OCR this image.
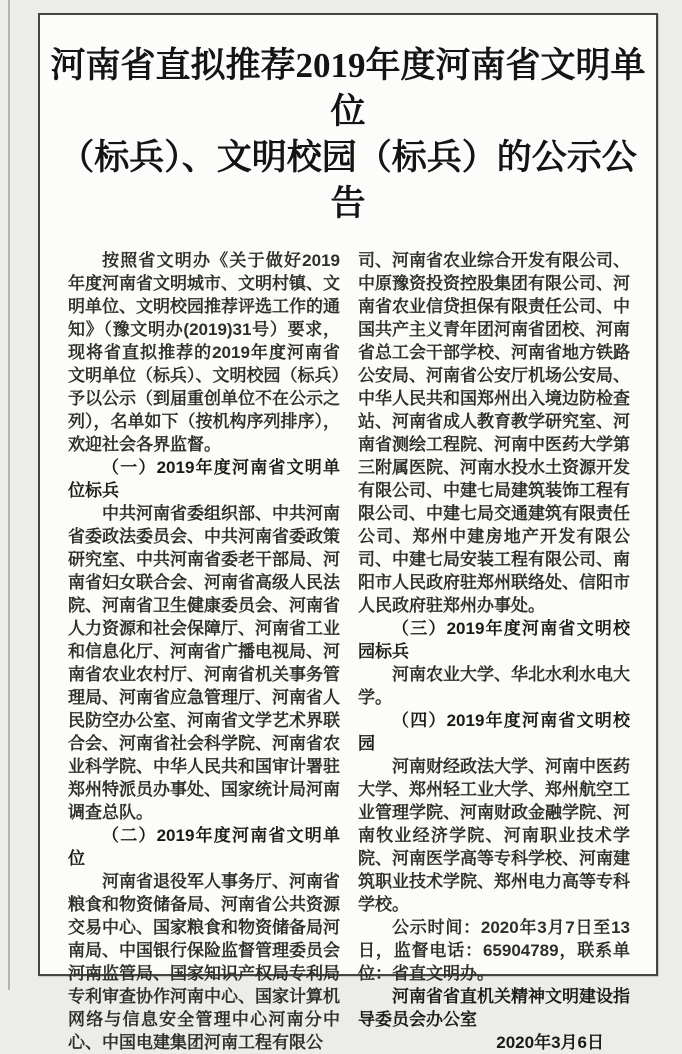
河南省直拟推荐2019年度河南省文明单位
（标兵）、文明校园（标兵）的公示公告

按照省文明办《关于做好2019年度河南省文明城市、文明村镇、文明单位、文明校园推荐评选工作的通知》（豫文明办(2019)31号）要求，现将省直拟推荐的2019年度河南省文明单位（标兵）、文明校园（标兵）予以公示（到届重创单位不在公示之列），名单如下（按机构序列排序），欢迎社会各界监督。

（一）2019年度河南省文明单位标兵

中共河南省委组织部、中共河南省委政法委员会、中共河南省委政策研究室、中共河南省委老干部局、河南省妇女联合会、河南省高级人民法院、河南省卫生健康委员会、河南省人力资源和社会保障厅、河南省工业和信息化厅、河南省广播电视局、河南省农业农村厅、河南省机关事务管理局、河南省应急管理厅、河南省人民防空办公室、河南省文学艺术界联合会、河南省社会科学院、河南省农业科学院、中华人民共和国审计署驻郑州特派员办事处、国家统计局河南调查总队。

（二）2019年度河南省文明单位

河南省退役军人事务厅、河南省粮食和物资储备局、河南省公共资源交易中心、国家粮食和物资储备局河南局、中国银行保险监督管理委员会河南监管局、国家知识产权局专利局专利审查协作河南中心、国家计算机网络与信息安全管理中心河南分中心、中国电建集团河南工程有限公

司、河南省农业综合开发有限公司、中原豫资投资控股集团有限公司、河南省农业信贷担保有限责任公司、中国共产主义青年团河南省团校、河南省总工会干部学校、河南省地方铁路公安局、河南省公安厅机场公安局、中华人民共和国郑州出入境边防检查站、河南省成人教育教学研究室、河南省测绘工程院、河南中医药大学第三附属医院、河南水投水土资源开发有限公司、中建七局建筑装饰工程有限公司、中建七局交通建筑有限责任公司、郑州中建房地产开发有限公司、中建七局安装工程有限公司、南阳市人民政府驻郑州联络处、信阳市人民政府驻郑州办事处。

（三）2019年度河南省文明校园标兵

河南农业大学、华北水利水电大学。

（四）2019年度河南省文明校园

河南财经政法大学、河南中医药大学、郑州轻工业大学、郑州航空工业管理学院、河南财政金融学院、河南牧业经济学院、河南职业技术学院、河南医学高等专科学校、河南建筑职业技术学院、郑州电力高等专科学校。

公示时间：2020年3月7日至13日，监督电话：65904789，联系单位：省直文明办。

河南省省直机关精神文明建设指导委员会办公室

2020年3月6日
